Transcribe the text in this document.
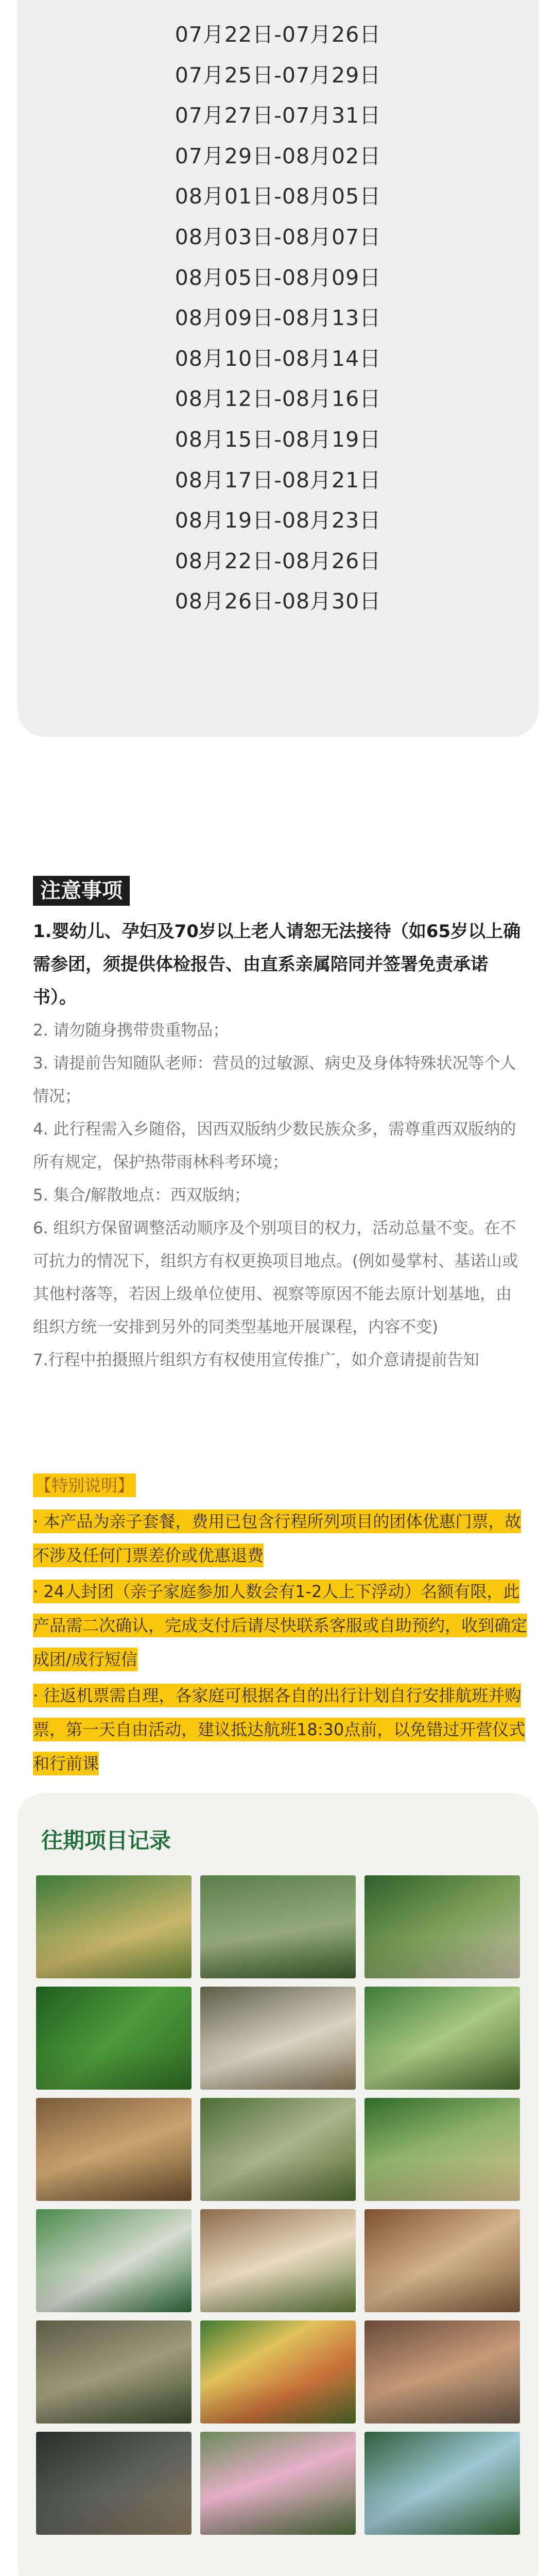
07月22日-07月26日
07月25日-07月29日
07月27日-07月31日
07月29日-08月02日
08月01日-08月05日
08月03日-08月07日
08月05日-08月09日
08月09日-08月13日
08月10日-08月14日
08月12日-08月16日
08月15日-08月19日
08月17日-08月21日
08月19日-08月23日
08月22日-08月26日
08月26日-08月30日
注意事项
1.婴幼儿、孕妇及70岁以上老人请恕无法接待（如65岁以上确需参团，须提供体检报告、由直系亲属陪同并签署免责承诺书）。
2. 请勿随身携带贵重物品；
3. 请提前告知随队老师：营员的过敏源、病史及身体特殊状况等个人情况；
4. 此行程需入乡随俗，因西双版纳少数民族众多，需尊重西双版纳的所有规定，保护热带雨林科考环境；
5. 集合/解散地点：西双版纳；
6. 组织方保留调整活动顺序及个别项目的权力，活动总量不变。在不可抗力的情况下，组织方有权更换项目地点。(例如曼掌村、基诺山或其他村落等，若因上级单位使用、视察等原因不能去原计划基地，由组织方统一安排到另外的同类型基地开展课程，内容不变)
7.行程中拍摄照片组织方有权使用宣传推广，如介意请提前告知
【特别说明】
· 本产品为亲子套餐，费用已包含行程所列项目的团体优惠门票，故不涉及任何门票差价或优惠退费
· 24人封团（亲子家庭参加人数会有1-2人上下浮动）名额有限，此产品需二次确认，完成支付后请尽快联系客服或自助预约，收到确定成团/成行短信
· 往返机票需自理，各家庭可根据各自的出行计划自行安排航班并购票，第一天自由活动，建议抵达航班18:30点前，以免错过开营仪式和行前课
往期项目记录
